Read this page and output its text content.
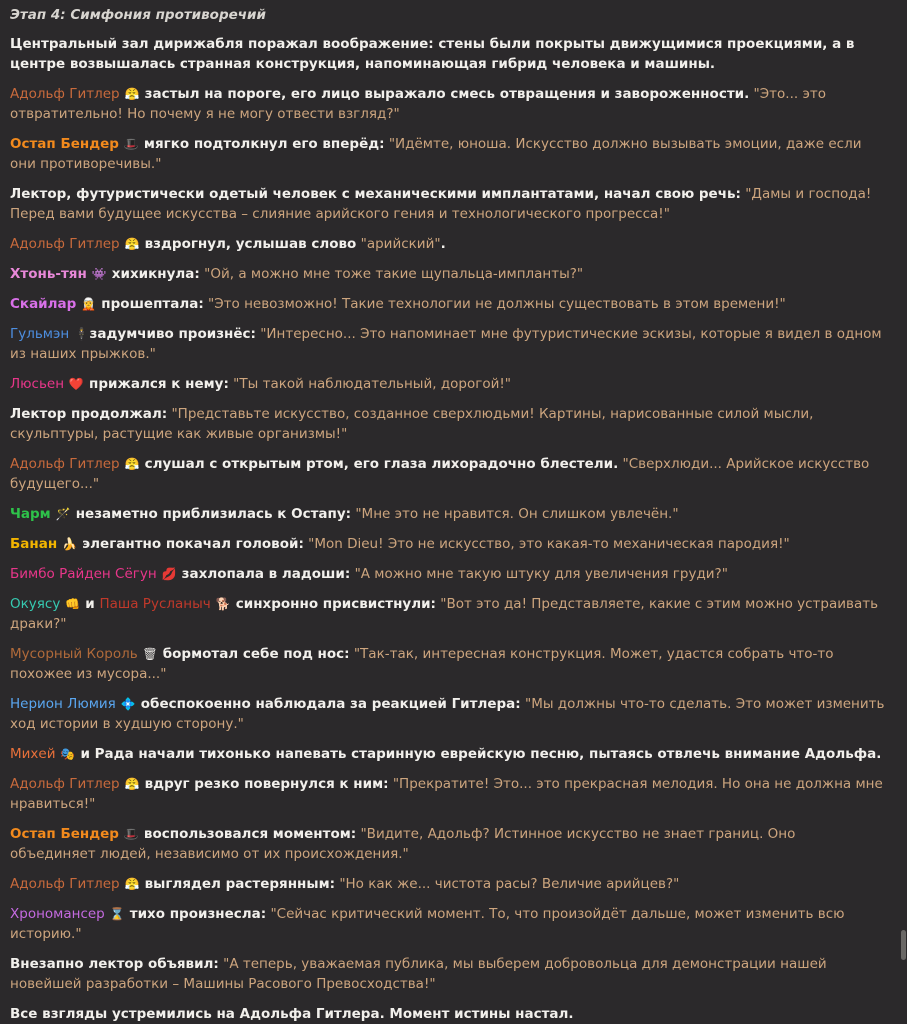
Этап 4: Симфония противоречий
Центральный зал дирижабля поражал воображение: стены были покрыты движущимися проекциями, а в центре возвышалась странная конструкция, напоминающая гибрид человека и машины.
Адольф Гитлер 😤 застыл на пороге, его лицо выражало смесь отвращения и завороженности. "Это... это отвратительно! Но почему я не могу отвести взгляд?"
Остап Бендер 🎩 мягко подтолкнул его вперёд: "Идёмте, юноша. Искусство должно вызывать эмоции, даже если они противоречивы."
Лектор, футуристически одетый человек с механическими имплантатами, начал свою речь: "Дамы и господа! Перед вами будущее искусства – слияние арийского гения и технологического прогресса!"
Адольф Гитлер 😤 вздрогнул, услышав слово "арийский".
Хтонь-тян 👾 хихикнула: "Ой, а можно мне тоже такие щупальца-импланты?"
Скайлар 🧝 прошептала: "Это невозможно! Такие технологии не должны существовать в этом времени!"
Гульмэн 🕴задумчиво произнёс: "Интересно... Это напоминает мне футуристические эскизы, которые я видел в одном из наших прыжков."
Люсьен ❤️ прижался к нему: "Ты такой наблюдательный, дорогой!"
Лектор продолжал: "Представьте искусство, созданное сверхлюдьми! Картины, нарисованные силой мысли, скульптуры, растущие как живые организмы!"
Адольф Гитлер 😤 слушал с открытым ртом, его глаза лихорадочно блестели. "Сверхлюди... Арийское искусство будущего..."
Чарм 🪄 незаметно приблизилась к Остапу: "Мне это не нравится. Он слишком увлечён."
Банан 🍌 элегантно покачал головой: "Mon Dieu! Это не искусство, это какая-то механическая пародия!"
Бимбо Райден Сёгун 💋 захлопала в ладоши: "А можно мне такую штуку для увеличения груди?"
Окуясу 👊 и Паша Русланыч 🐕 синхронно присвистнули: "Вот это да! Представляете, какие с этим можно устраивать драки?"
Мусорный Король 🗑 бормотал себе под нос: "Так-так, интересная конструкция. Может, удастся собрать что-то похожее из мусора..."
Нерион Люмия 💠 обеспокоенно наблюдала за реакцией Гитлера: "Мы должны что-то сделать. Это может изменить ход истории в худшую сторону."
Михей 🎭 и Рада начали тихонько напевать старинную еврейскую песню, пытаясь отвлечь внимание Адольфа.
Адольф Гитлер 😤 вдруг резко повернулся к ним: "Прекратите! Это... это прекрасная мелодия. Но она не должна мне нравиться!"
Остап Бендер 🎩 воспользовался моментом: "Видите, Адольф? Истинное искусство не знает границ. Оно объединяет людей, независимо от их происхождения."
Адольф Гитлер 😤 выглядел растерянным: "Но как же... чистота расы? Величие арийцев?"
Хрономансер ⌛ тихо произнесла: "Сейчас критический момент. То, что произойдёт дальше, может изменить всю историю."
Внезапно лектор объявил: "А теперь, уважаемая публика, мы выберем добровольца для демонстрации нашей новейшей разработки – Машины Расового Превосходства!"
Все взгляды устремились на Адольфа Гитлера. Момент истины настал.
